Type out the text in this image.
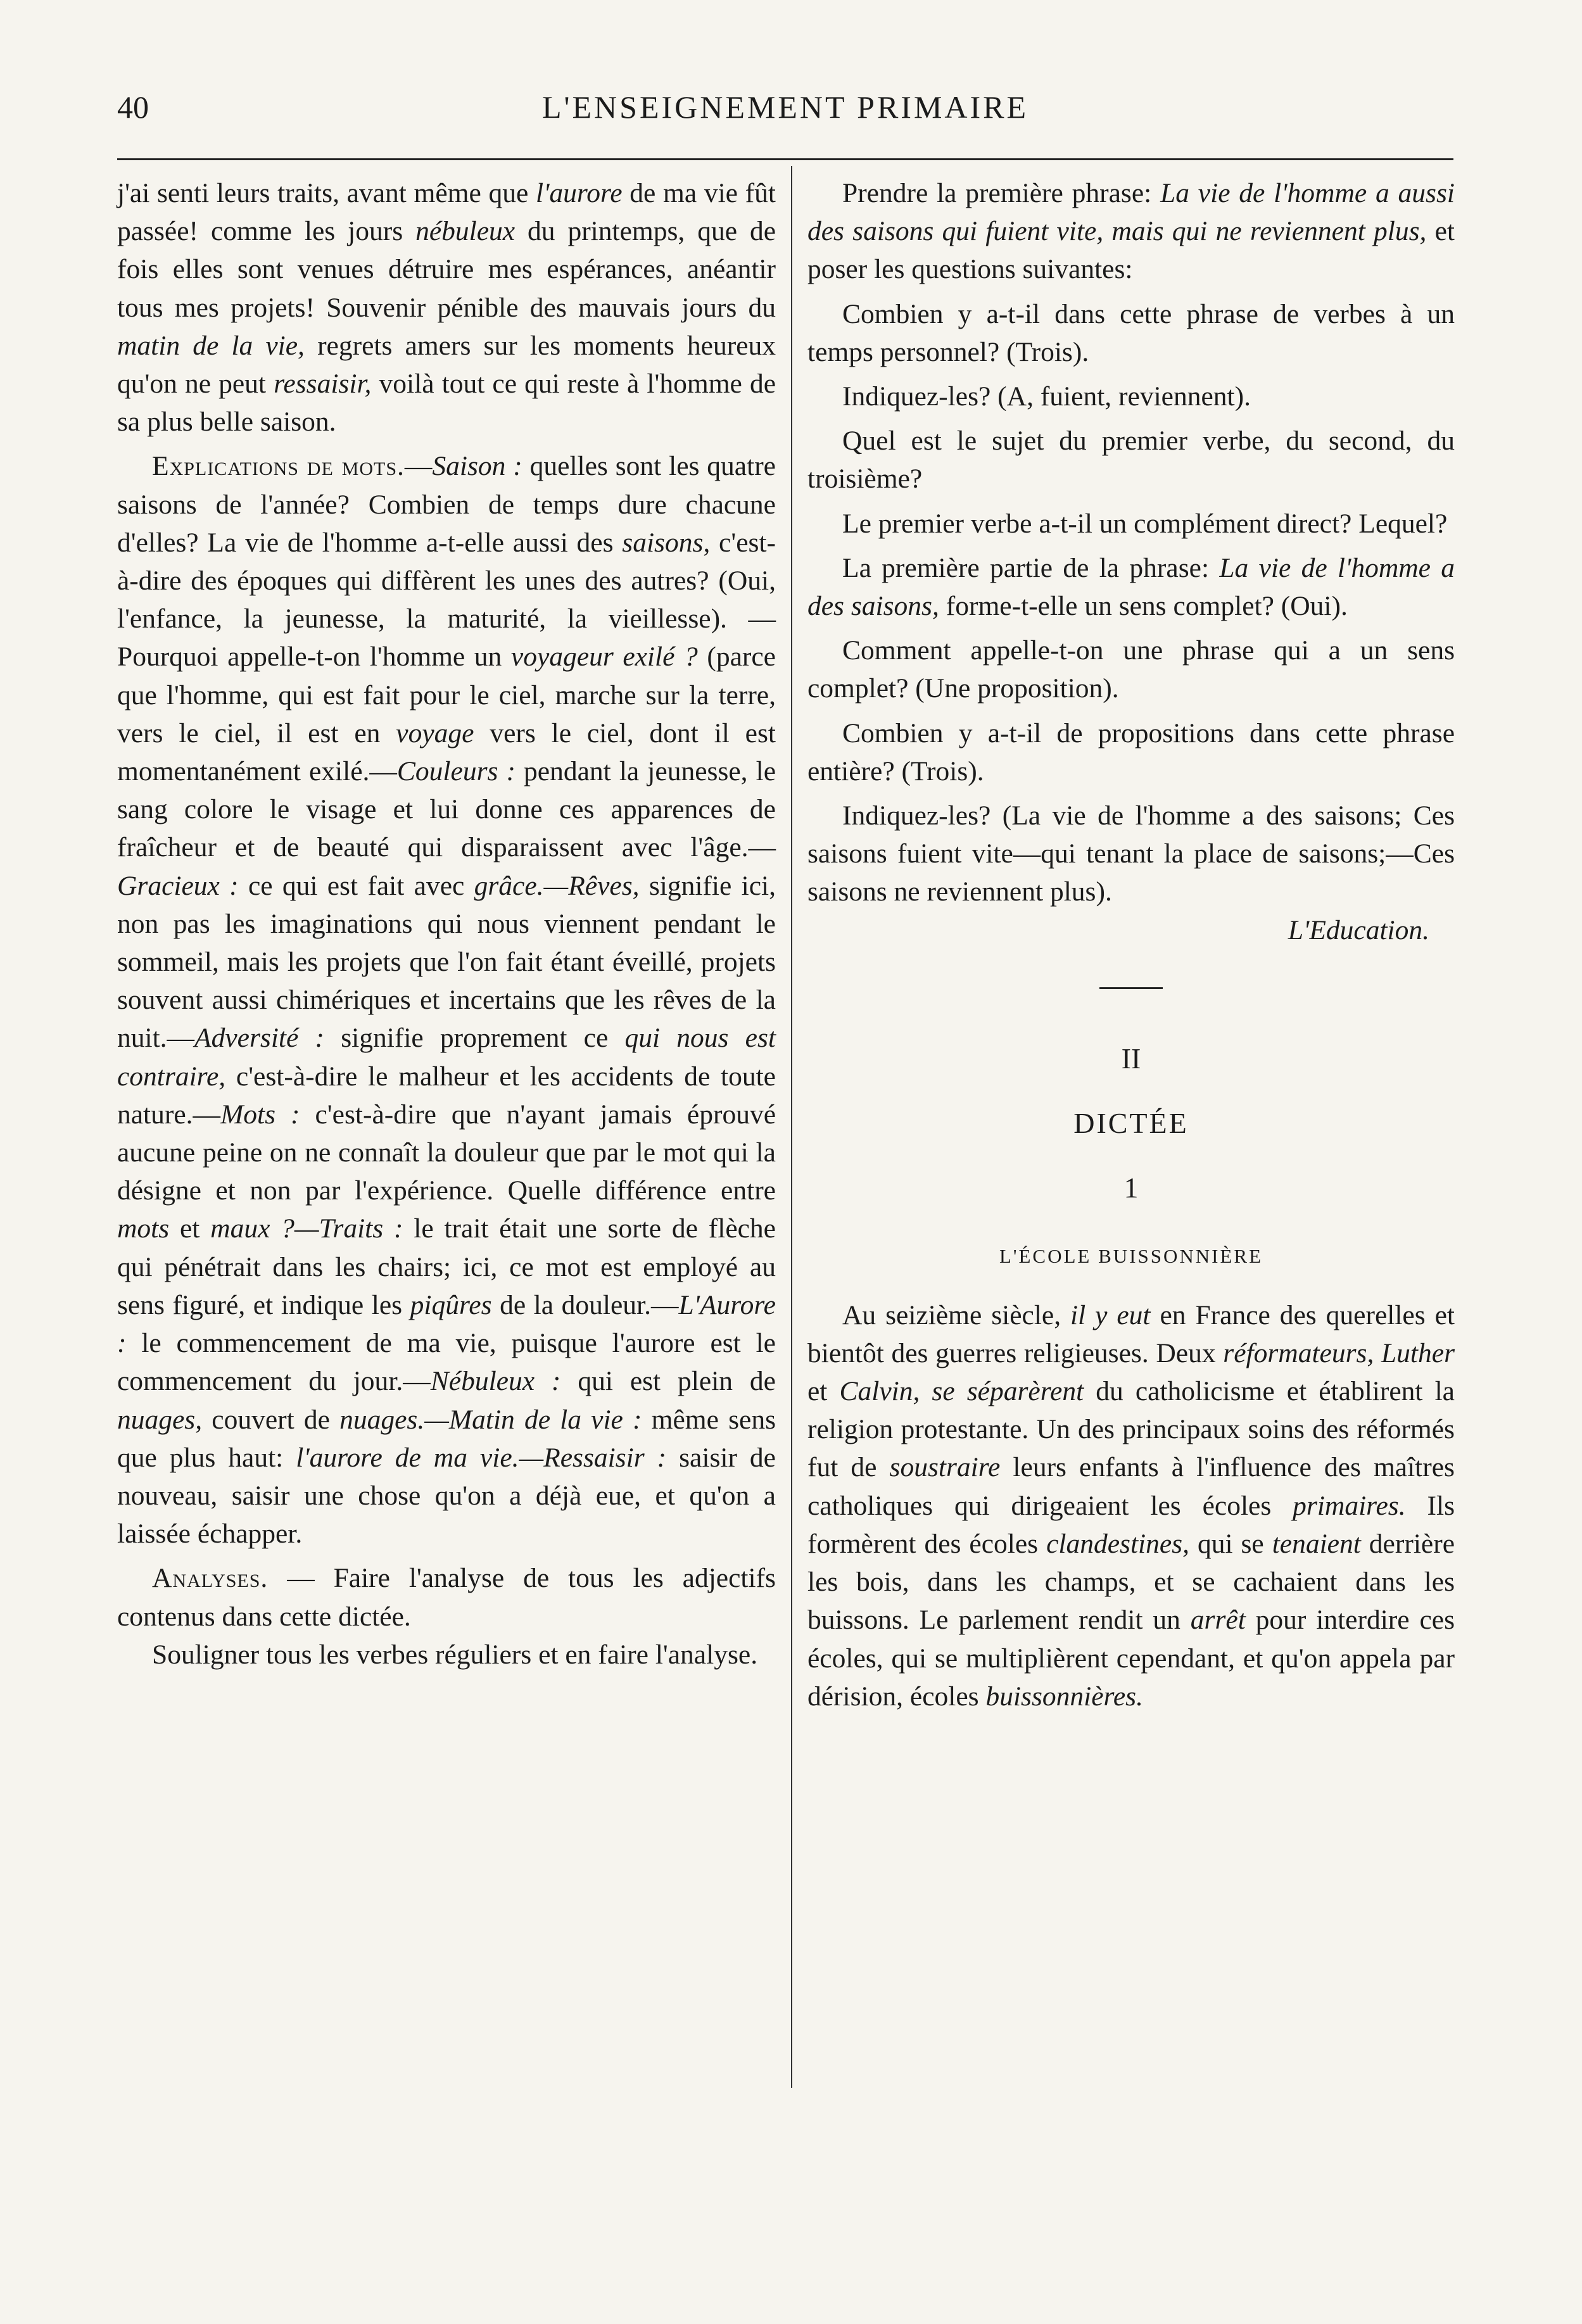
40	L'ENSEIGNEMENT PRIMAIRE

j'ai senti leurs traits, avant même que l'aurore de ma vie fût passée! comme les jours nébuleux du printemps, que de fois elles sont venues détruire mes espérances, anéantir tous mes projets! Souvenir pénible des mauvais jours du matin de la vie, regrets amers sur les moments heureux qu'on ne peut ressaisir, voilà tout ce qui reste à l'homme de sa plus belle saison.

Explications de mots.—Saison : quelles sont les quatre saisons de l'année? Combien de temps dure chacune d'elles? La vie de l'homme a-t-elle aussi des saisons, c'est-à-dire des époques qui diffèrent les unes des autres? (Oui, l'enfance, la jeunesse, la maturité, la vieillesse). — Pourquoi appelle-t-on l'homme un voyageur exilé ? (parce que l'homme, qui est fait pour le ciel, marche sur la terre, vers le ciel, il est en voyage vers le ciel, dont il est momentanément exilé.—Couleurs : pendant la jeunesse, le sang colore le visage et lui donne ces apparences de fraîcheur et de beauté qui disparaissent avec l'âge.—Gracieux : ce qui est fait avec grâce.—Rêves, signifie ici, non pas les imaginations qui nous viennent pendant le sommeil, mais les projets que l'on fait étant éveillé, projets souvent aussi chimériques et incertains que les rêves de la nuit.—Adversité : signifie proprement ce qui nous est contraire, c'est-à-dire le malheur et les accidents de toute nature.—Mots : c'est-à-dire que n'ayant jamais éprouvé aucune peine on ne connaît la douleur que par le mot qui la désigne et non par l'expérience. Quelle différence entre mots et maux ?—Traits : le trait était une sorte de flèche qui pénétrait dans les chairs; ici, ce mot est employé au sens figuré, et indique les piqûres de la douleur.—L'Aurore : le commencement de ma vie, puisque l'aurore est le commencement du jour.—Nébuleux : qui est plein de nuages, couvert de nuages.—Matin de la vie : même sens que plus haut: l'aurore de ma vie.—Ressaisir : saisir de nouveau, saisir une chose qu'on a déjà eue, et qu'on a laissée échapper.

Analyses. — Faire l'analyse de tous les adjectifs contenus dans cette dictée.

Souligner tous les verbes réguliers et en faire l'analyse.

Prendre la première phrase: La vie de l'homme a aussi des saisons qui fuient vite, mais qui ne reviennent plus, et poser les questions suivantes:

Combien y a-t-il dans cette phrase de verbes à un temps personnel? (Trois).

Indiquez-les? (A, fuient, reviennent).

Quel est le sujet du premier verbe, du second, du troisième?

Le premier verbe a-t-il un complément direct? Lequel?

La première partie de la phrase: La vie de l'homme a des saisons, forme-t-elle un sens complet? (Oui).

Comment appelle-t-on une phrase qui a un sens complet? (Une proposition).

Combien y a-t-il de propositions dans cette phrase entière? (Trois).

Indiquez-les? (La vie de l'homme a des saisons; Ces saisons fuient vite—qui tenant la place de saisons;—Ces saisons ne reviennent plus).

L'Education.

II
DICTÉE
1
L'ÉCOLE BUISSONNIÈRE

Au seizième siècle, il y eut en France des querelles et bientôt des guerres religieuses. Deux réformateurs, Luther et Calvin, se séparèrent du catholicisme et établirent la religion protestante. Un des principaux soins des réformés fut de soustraire leurs enfants à l'influence des maîtres catholiques qui dirigeaient les écoles primaires. Ils formèrent des écoles clandestines, qui se tenaient derrière les bois, dans les champs, et se cachaient dans les buissons. Le parlement rendit un arrêt pour interdire ces écoles, qui se multiplièrent cependant, et qu'on appela par dérision, écoles buissonnières.
